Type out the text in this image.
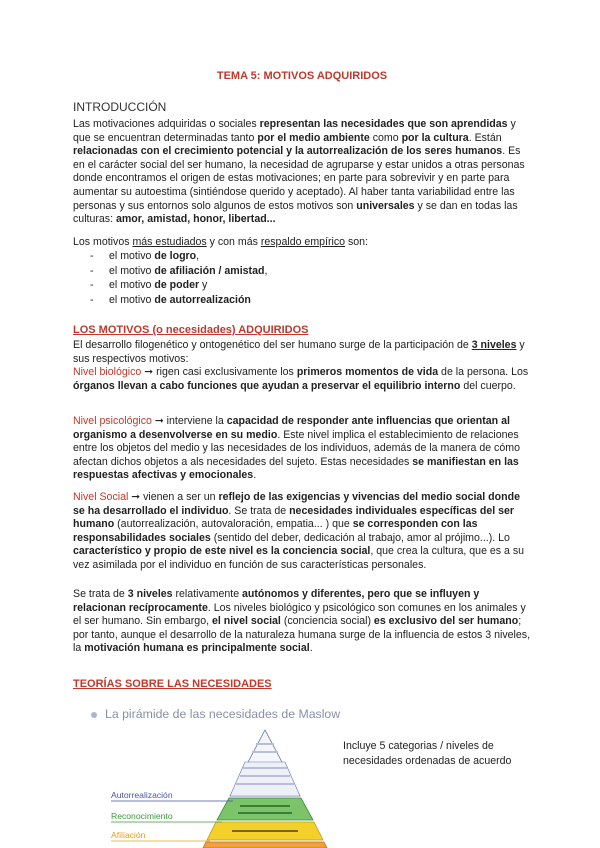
TEMA 5: MOTIVOS ADQUIRIDOS
INTRODUCCIÓN

Las motivaciones adquiridas o sociales representan las necesidades que son aprendidas y que se encuentran determinadas tanto por el medio ambiente como por la cultura. Están relacionadas con el crecimiento potencial y la autorrealización de los seres humanos. Es en el carácter social del ser humano, la necesidad de agruparse y estar unidos a otras personas donde encontramos el origen de estas motivaciones; en parte para sobrevivir y en parte para aumentar su autoestima (sintiéndose querido y aceptado). Al haber tanta variabilidad entre las personas y sus entornos solo algunos de estos motivos son universales y se dan en todas las culturas: amor, amistad, honor, libertad...

Los motivos más estudiados y con más respaldo empírico son:

- el motivo de logro,
- el motivo de afiliación / amistad,
- el motivo de poder y
- el motivo de autorrealización
LOS MOTIVOS (o necesidades) ADQUIRIDOS

El desarrollo filogenético y ontogenético del ser humano surge de la participación de 3 niveles y sus respectivos motivos:

Nivel biológico ➞ rigen casi exclusivamente los primeros momentos de vida de la persona. Los órganos llevan a cabo funciones que ayudan a preservar el equilibrio interno del cuerpo.

Nivel psicológico ➞ interviene la capacidad de responder ante influencias que orientan al organismo a desenvolverse en su medio. Este nivel implica el establecimiento de relaciones entre los objetos del medio y las necesidades de los individuos, además de la manera de cómo afectan dichos objetos a als necesidades del sujeto. Estas necesidades se manifiestan en las respuestas afectivas y emocionales.

Nivel Social ➞ vienen a ser un reflejo de las exigencias y vivencias del medio social donde se ha desarrollado el individuo. Se trata de necesidades individuales específicas del ser humano (autorrealización, autovaloración, empatia... ) que se corresponden con las responsabilidades sociales (sentido del deber, dedicación al trabajo, amor al prójimo...). Lo característico y propio de este nivel es la conciencia social, que crea la cultura, que es a su vez asimilada por el individuo en función de sus características personales.

Se trata de 3 niveles relativamente autónomos y diferentes, pero que se influyen y relacionan recíprocamente. Los niveles biológico y psicológico son comunes en los animales y el ser humano. Sin embargo, el nivel social (conciencia social) es exclusivo del ser humano; por tanto, aunque el desarrollo de la naturaleza humana surge de la influencia de estos 3 niveles, la motivación humana es principalmente social.

TEORÍAS SOBRE LAS NECESIDADES
La pirámide de las necesidades de Maslow
Incluye 5 categorias / niveles de necesidades ordenadas de acuerdo
Autorrealización
Reconocimiento
Afiliación
